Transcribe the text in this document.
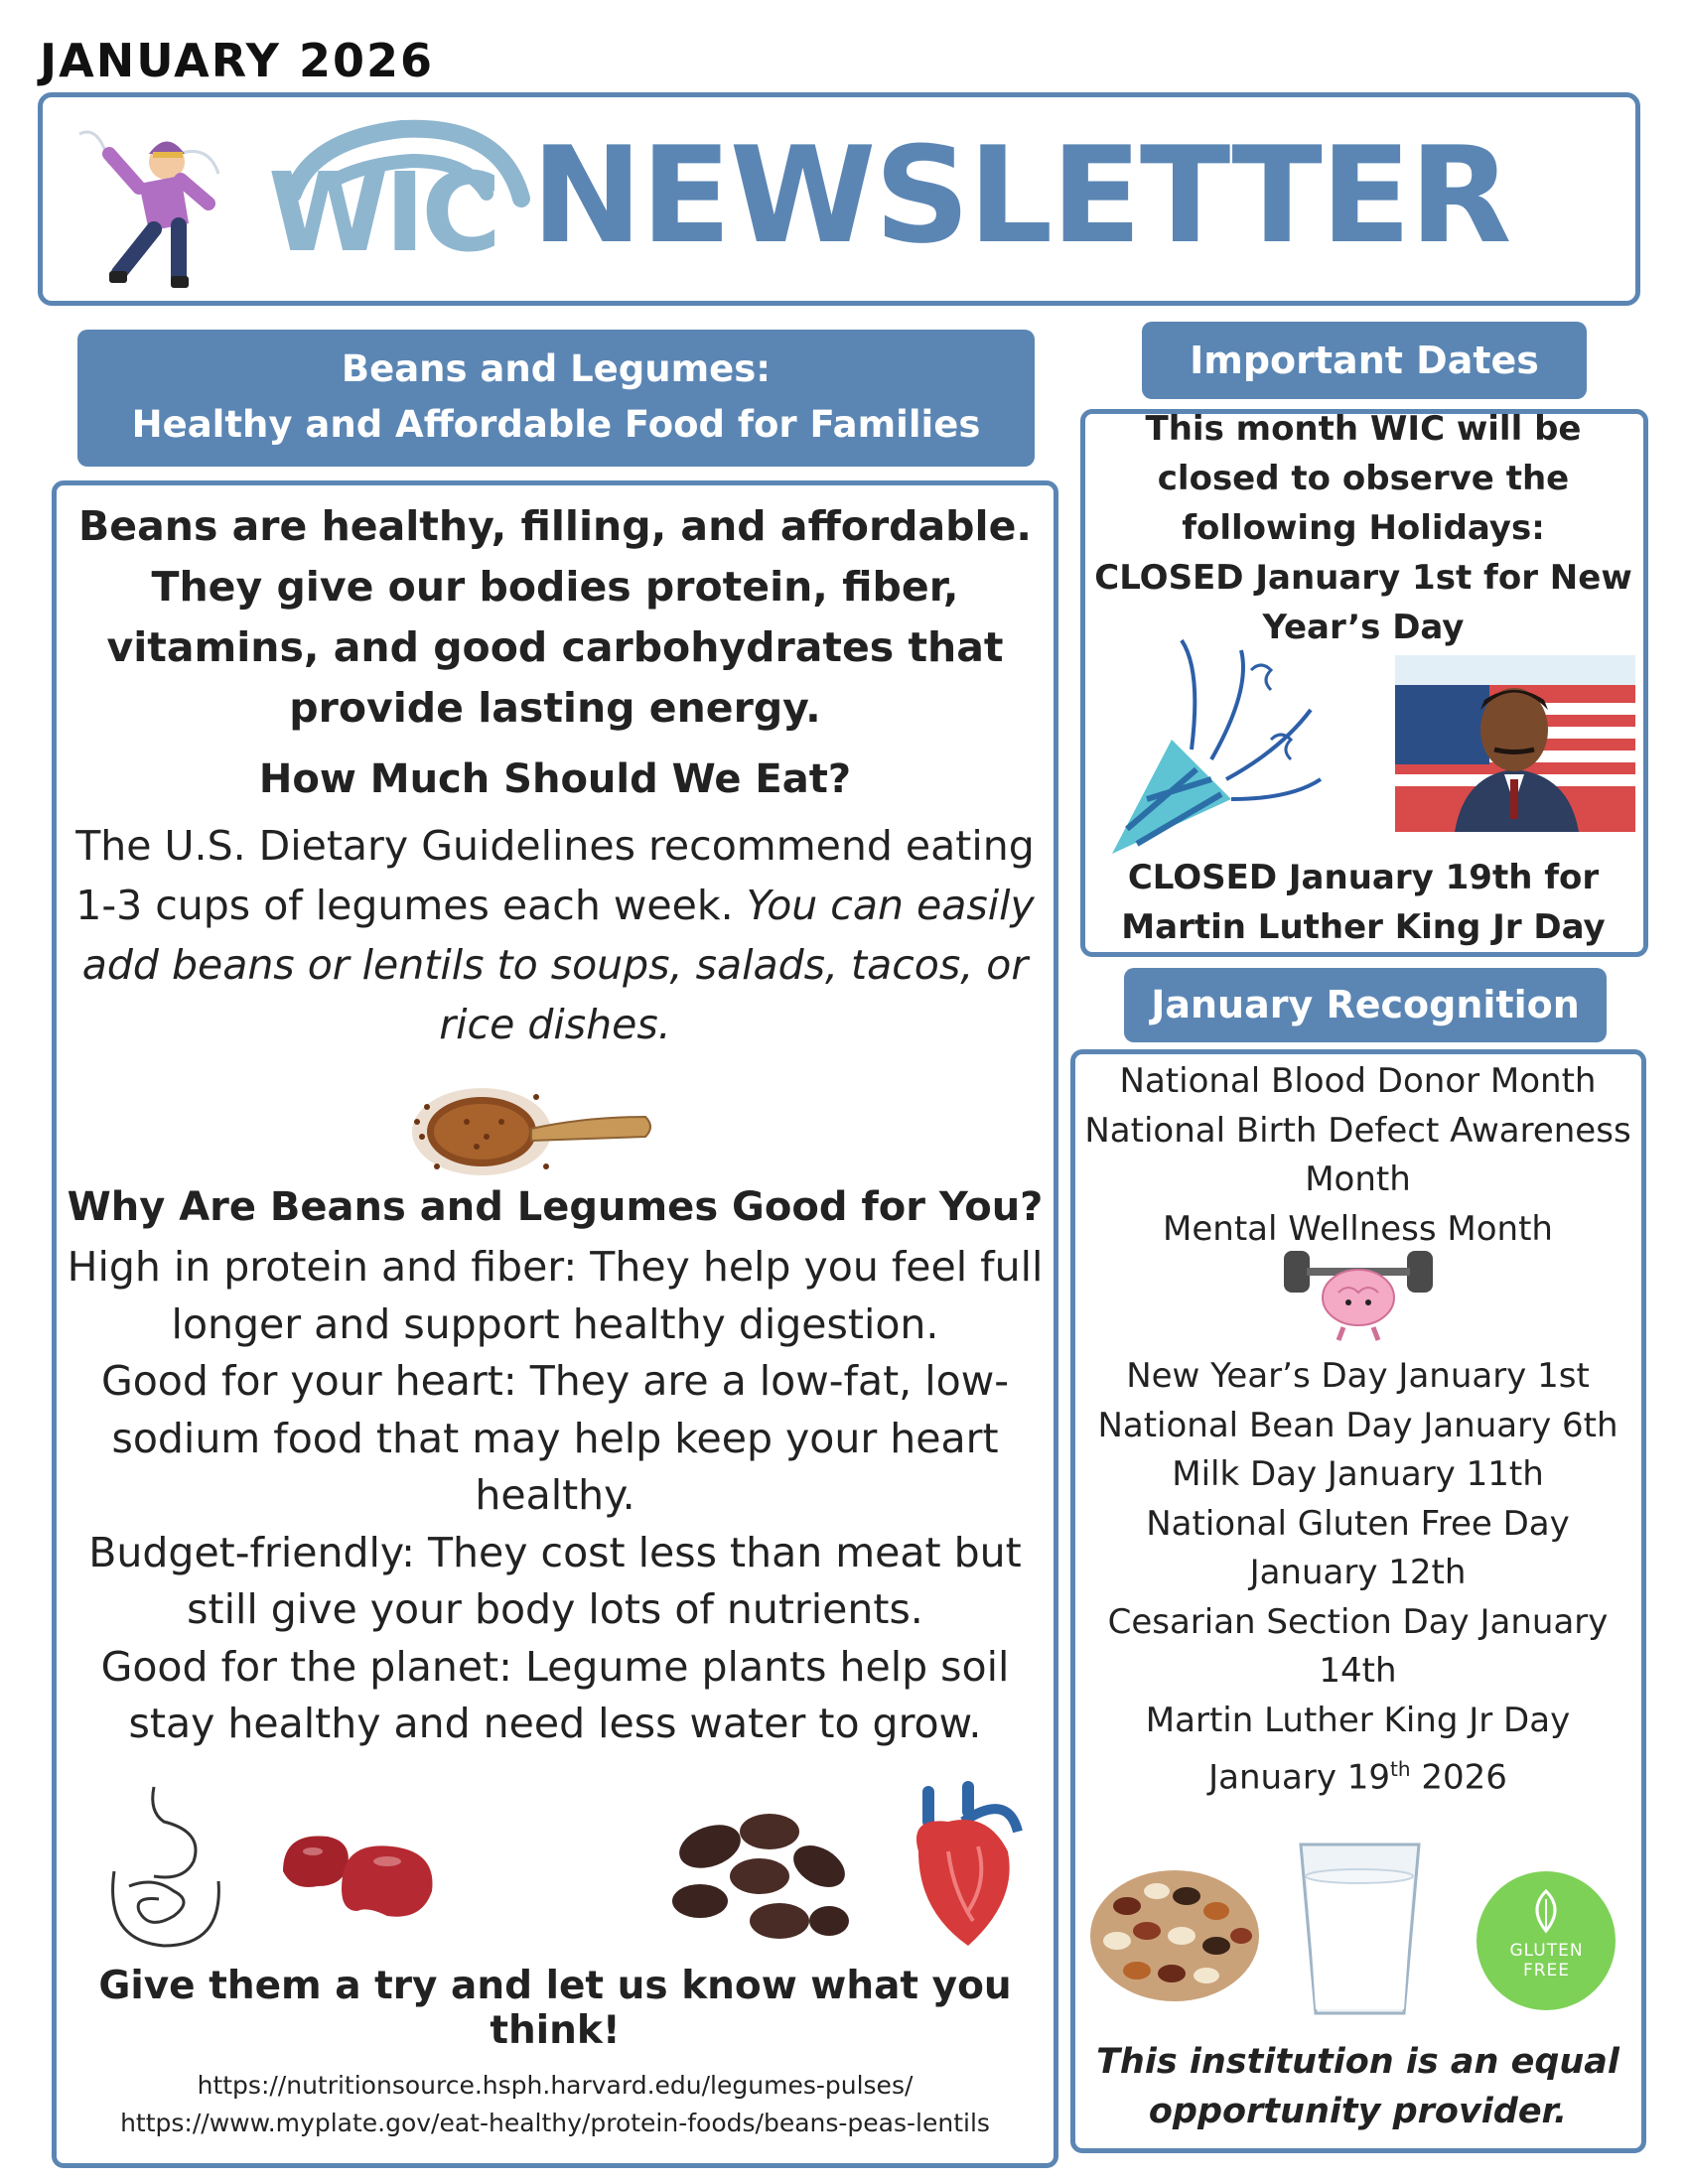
JANUARY 2026
WIC NEWSLETTER
Beans and Legumes:
Healthy and Affordable Food for Families
Beans are healthy, filling, and affordable. They give our bodies protein, fiber, vitamins, and good carbohydrates that provide lasting energy.
How Much Should We Eat?
The U.S. Dietary Guidelines recommend eating 1-3 cups of legumes each week. You can easily add beans or lentils to soups, salads, tacos, or rice dishes.
Why Are Beans and Legumes Good for You?
High in protein and fiber: They help you feel full longer and support healthy digestion.
Good for your heart: They are a low-fat, low-sodium food that may help keep your heart healthy.
Budget-friendly: They cost less than meat but still give your body lots of nutrients.
Good for the planet: Legume plants help soil stay healthy and need less water to grow.
Give them a try and let us know what you think!
https://nutritionsource.hsph.harvard.edu/legumes-pulses/
https://www.myplate.gov/eat-healthy/protein-foods/beans-peas-lentils
Important Dates
This month WIC will be closed to observe the following Holidays:
CLOSED January 1st for New Year’s Day
CLOSED January 19th for Martin Luther King Jr Day
January Recognition
National Blood Donor Month
National Birth Defect Awareness Month
Mental Wellness Month
New Year’s Day January 1st
National Bean Day January 6th
Milk Day January 11th
National Gluten Free Day January 12th
Cesarian Section Day January 14th
Martin Luther King Jr Day
January 19th 2026
GLUTEN
FREE
This institution is an equal opportunity provider.
